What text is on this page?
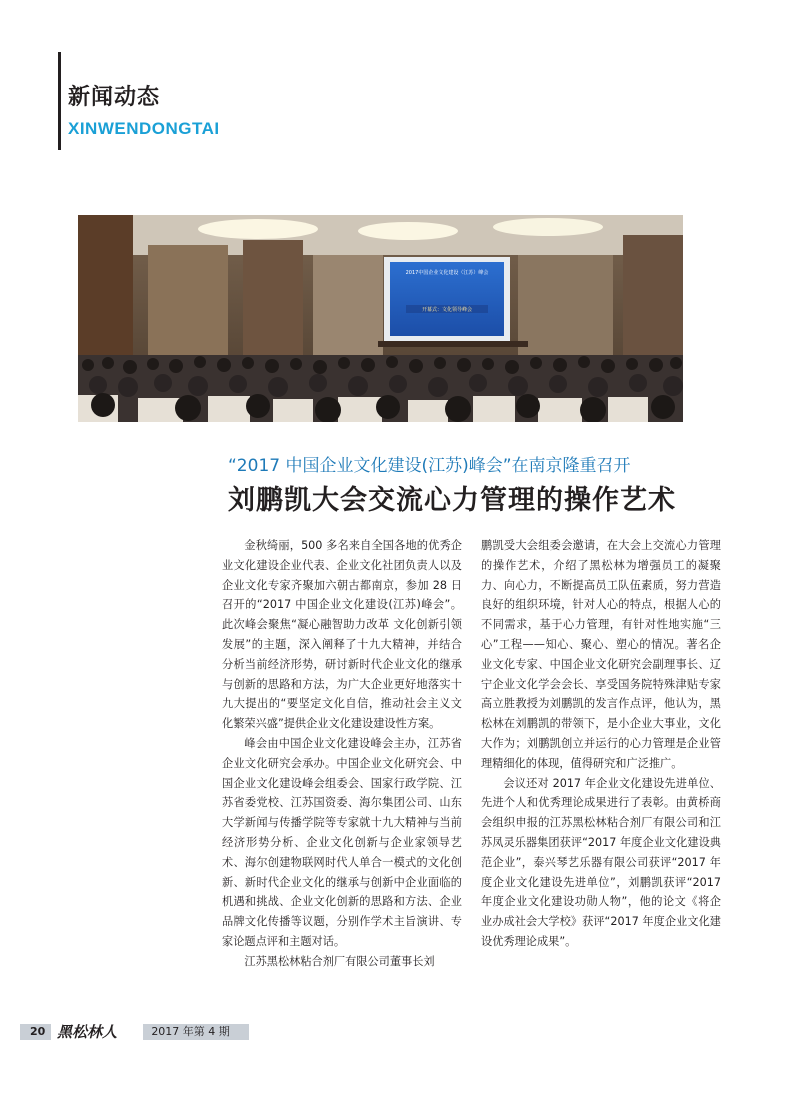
新闻动态
XINWENDONGTAI
2017中国企业文化建设（江苏）峰会
开幕式：文化领导峰会
“2017 中国企业文化建设(江苏)峰会”在南京隆重召开
刘鹏凯大会交流心力管理的操作艺术

金秋绮丽，500 多名来自全国各地的优秀企业文化建设企业代表、企业文化社团负责人以及企业文化专家齐聚加六朝古都南京，参加 28 日召开的“2017 中国企业文化建设(江苏)峰会”。此次峰会聚焦“凝心融智助力改革 文化创新引领发展”的主题，深入阐释了十九大精神，并结合分析当前经济形势，研讨新时代企业文化的继承与创新的思路和方法，为广大企业更好地落实十九大提出的“要坚定文化自信，推动社会主义文化繁荣兴盛”提供企业文化建设建设性方案。

峰会由中国企业文化建设峰会主办，江苏省企业文化研究会承办。中国企业文化研究会、中国企业文化建设峰会组委会、国家行政学院、江苏省委党校、江苏国资委、海尔集团公司、山东大学新闻与传播学院等专家就十九大精神与当前经济形势分析、企业文化创新与企业家领导艺术、海尔创建物联网时代人单合一模式的文化创新、新时代企业文化的继承与创新中企业面临的机遇和挑战、企业文化创新的思路和方法、企业品牌文化传播等议题，分别作学术主旨演讲、专家论题点评和主题对话。

江苏黑松林粘合剂厂有限公司董事长刘

鹏凯受大会组委会邀请，在大会上交流心力管理的操作艺术，介绍了黑松林为增强员工的凝聚力、向心力，不断提高员工队伍素质，努力营造良好的组织环境，针对人心的特点，根据人心的不同需求，基于心力管理，有针对性地实施“三心”工程——知心、聚心、塑心的情况。著名企业文化专家、中国企业文化研究会副理事长、辽宁企业文化学会会长、享受国务院特殊津贴专家高立胜教授为刘鹏凯的发言作点评，他认为，黑松林在刘鹏凯的带领下，是小企业大事业，文化大作为；刘鹏凯创立并运行的心力管理是企业管理精细化的体现，值得研究和广泛推广。

会议还对 2017 年企业文化建设先进单位、先进个人和优秀理论成果进行了表彰。由黄桥商会组织申报的江苏黑松林粘合剂厂有限公司和江苏凤灵乐器集团获评“2017 年度企业文化建设典范企业”，泰兴琴艺乐器有限公司获评“2017 年度企业文化建设先进单位”，刘鹏凯获评“2017 年度企业文化建设功勋人物”，他的论文《将企业办成社会大学校》获评“2017 年度企业文化建设优秀理论成果”。

20 黑松林人	2017 年第 4 期
